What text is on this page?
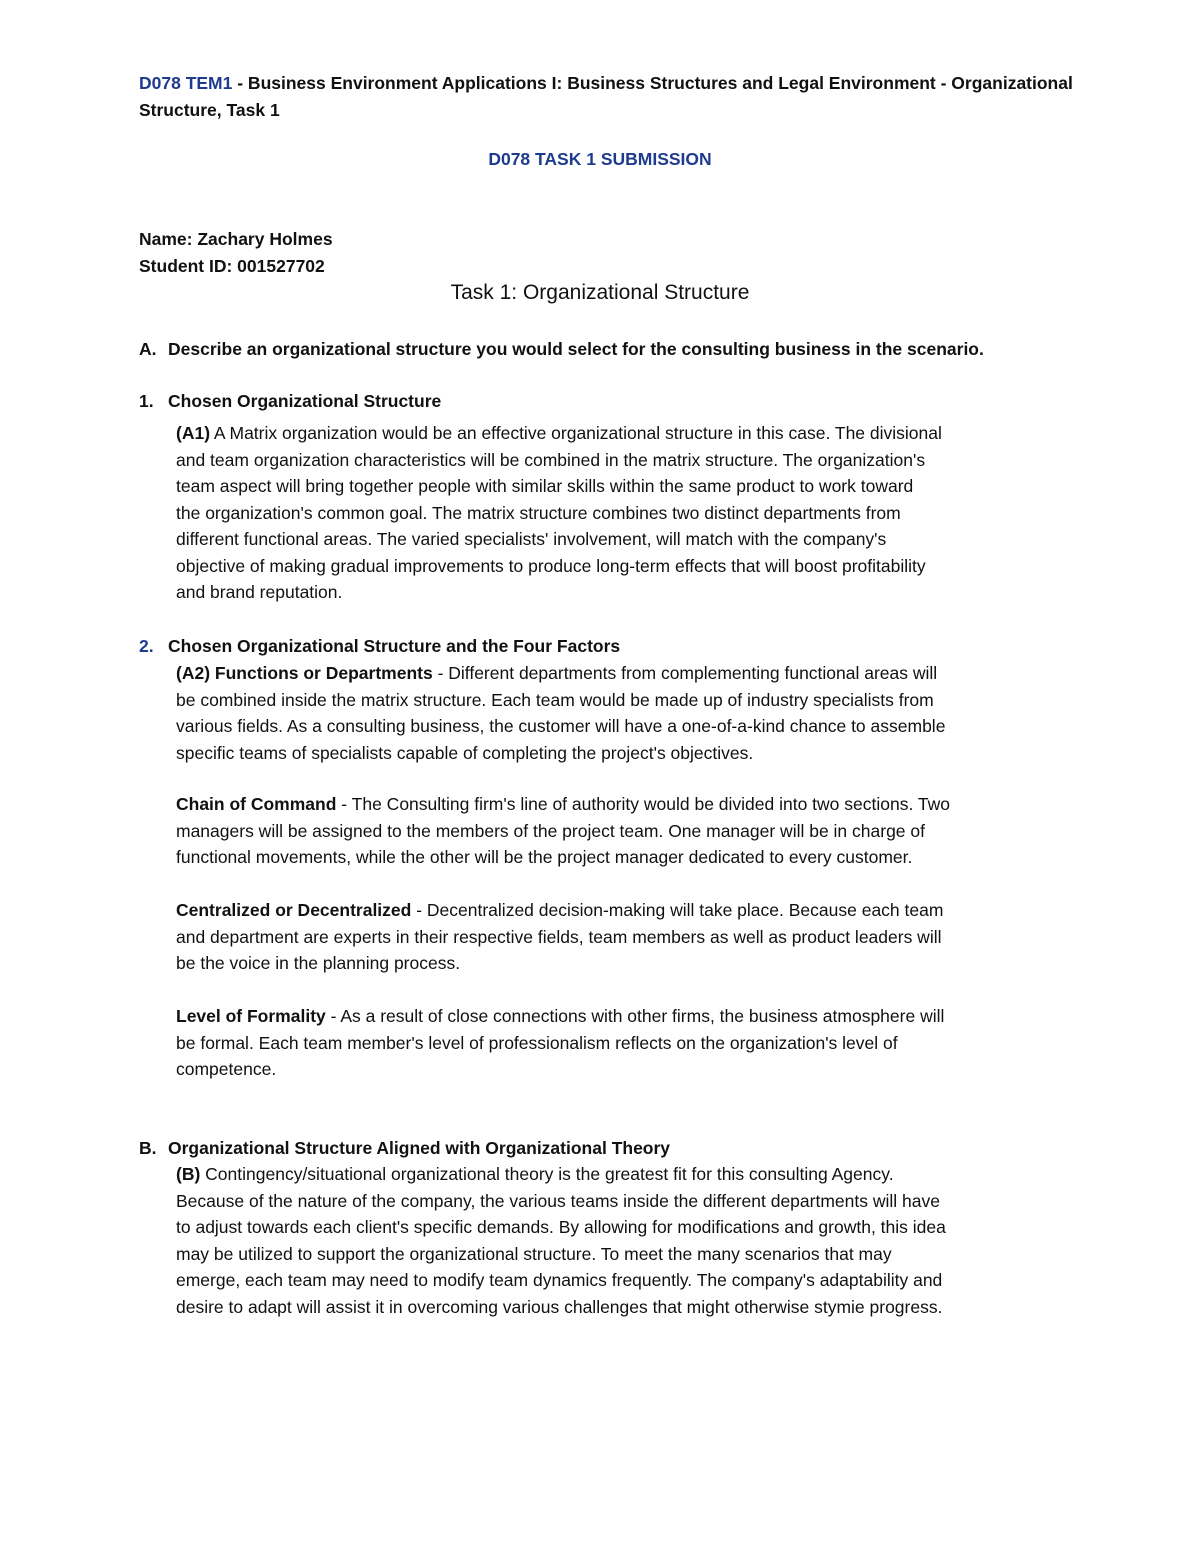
D078 TEM1 - Business Environment Applications I: Business Structures and Legal Environment - Organizational
Structure, Task 1
D078 TASK 1 SUBMISSION
Name: Zachary Holmes
Student ID: 001527702
Task 1: Organizational Structure
A. Describe an organizational structure you would select for the consulting business in the scenario.
1. Chosen Organizational Structure
(A1) A Matrix organization would be an effective organizational structure in this case. The divisional
and team organization characteristics will be combined in the matrix structure. The organization's
team aspect will bring together people with similar skills within the same product to work toward
the organization's common goal. The matrix structure combines two distinct departments from
different functional areas. The varied specialists' involvement, will match with the company's
objective of making gradual improvements to produce long-term effects that will boost profitability
and brand reputation.
2. Chosen Organizational Structure and the Four Factors
(A2) Functions or Departments - Different departments from complementing functional areas will
be combined inside the matrix structure. Each team would be made up of industry specialists from
various fields. As a consulting business, the customer will have a one-of-a-kind chance to assemble
specific teams of specialists capable of completing the project's objectives.
Chain of Command - The Consulting firm's line of authority would be divided into two sections. Two
managers will be assigned to the members of the project team. One manager will be in charge of
functional movements, while the other will be the project manager dedicated to every customer.
Centralized or Decentralized - Decentralized decision-making will take place. Because each team
and department are experts in their respective fields, team members as well as product leaders will
be the voice in the planning process.
Level of Formality - As a result of close connections with other firms, the business atmosphere will
be formal. Each team member's level of professionalism reflects on the organization's level of
competence.
B. Organizational Structure Aligned with Organizational Theory
(B) Contingency/situational organizational theory is the greatest fit for this consulting Agency.
Because of the nature of the company, the various teams inside the different departments will have
to adjust towards each client's specific demands. By allowing for modifications and growth, this idea
may be utilized to support the organizational structure. To meet the many scenarios that may
emerge, each team may need to modify team dynamics frequently. The company's adaptability and
desire to adapt will assist it in overcoming various challenges that might otherwise stymie progress.
